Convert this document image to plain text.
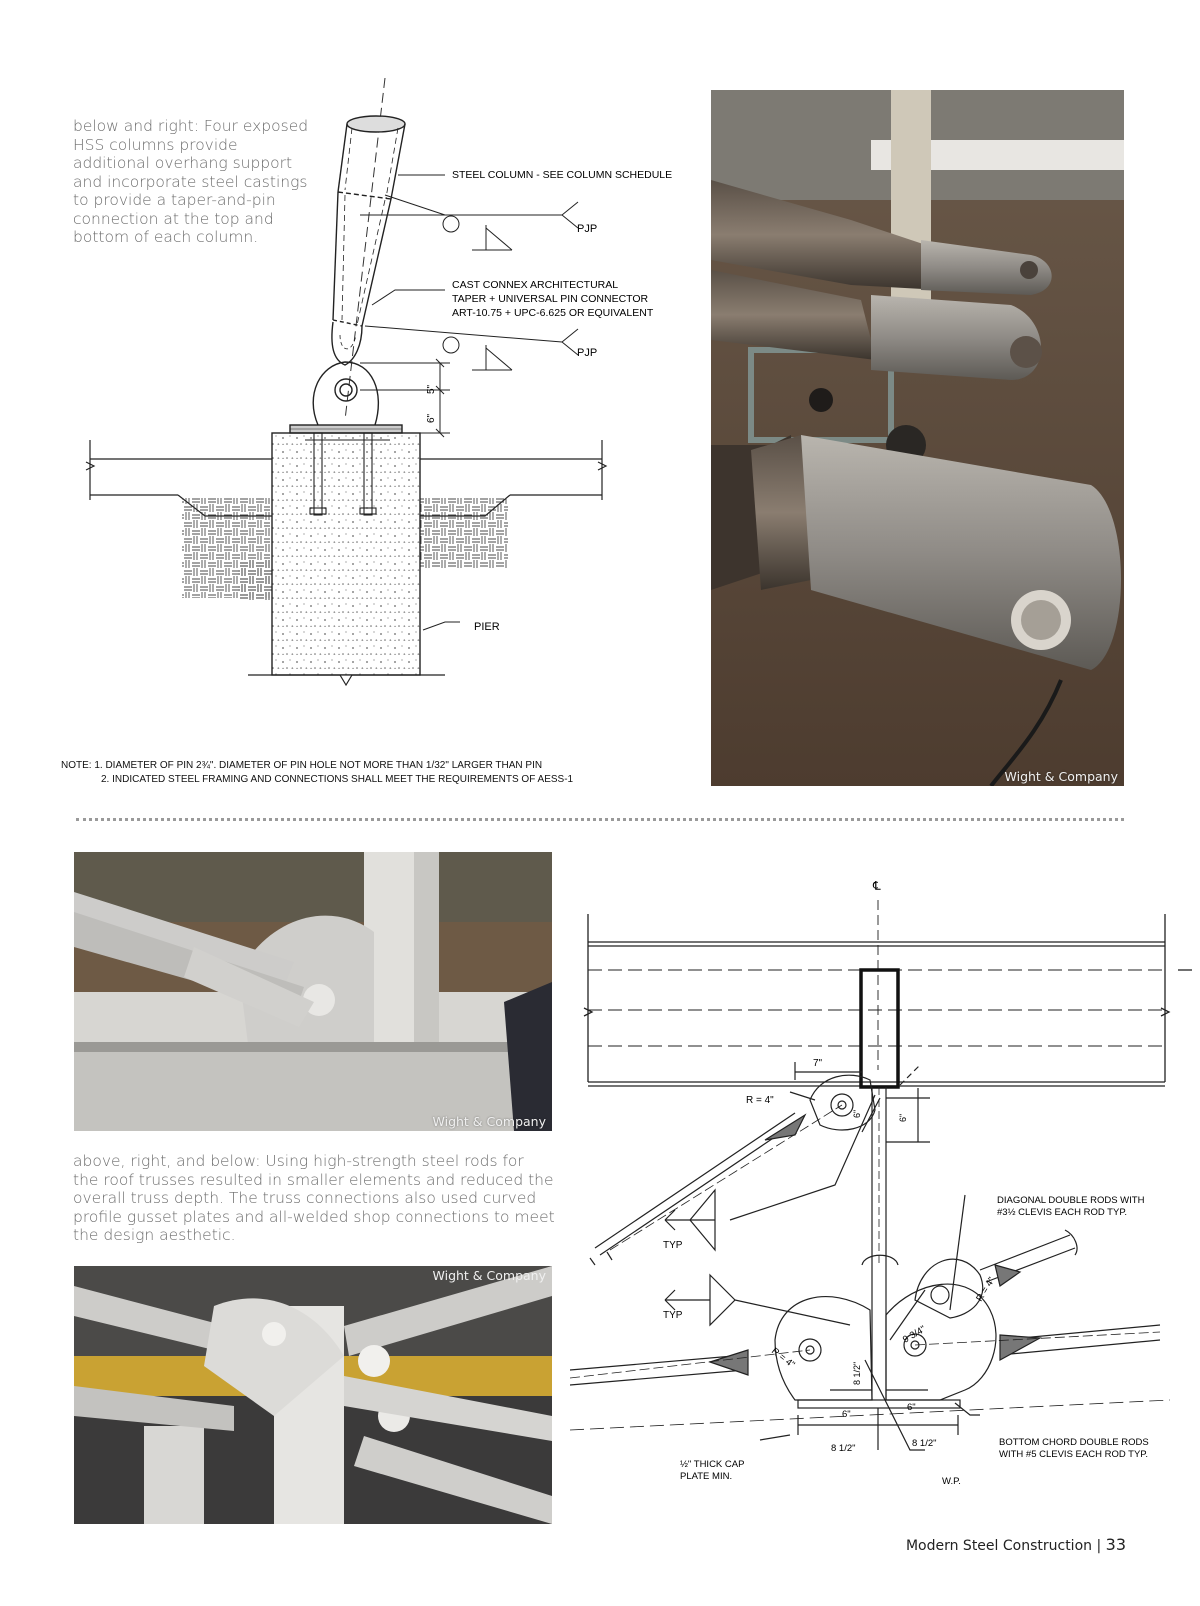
below and right: Four exposed
HSS columns provide
additional overhang support
and incorporate steel castings
to provide a taper-and-pin
connection at the top and
bottom of each column.
STEEL COLUMN - SEE COLUMN SCHEDULE
PJP
CAST CONNEX ARCHITECTURAL
TAPER + UNIVERSAL PIN CONNECTOR
ART-10.75 + UPC-6.625 OR EQUIVALENT
PJP
5"
6"
PIER
NOTE: 1. DIAMETER OF PIN 2¾". DIAMETER OF PIN HOLE NOT MORE THAN 1/32" LARGER THAN PIN
2. INDICATED STEEL FRAMING AND CONNECTIONS SHALL MEET THE REQUIREMENTS OF AESS-1	Wight & Company
Wight & Company
above, right, and below: Using high-strength steel rods for
the roof trusses resulted in smaller elements and reduced the
overall truss depth. The truss connections also used curved
profile gusset plates and all-welded shop connections to meet
the design aesthetic.
Wight & Company
℄
7"
R = 4"
6"	6"
TYP
TYP
DIAGONAL DOUBLE RODS WITH
#3½ CLEVIS EACH ROD TYP.
R = 4"
R = 4"
9 3/4"
8 1/2"
6"
6"
8 1/2"	8 1/2"	BOTTOM CHORD DOUBLE RODS
WITH #5 CLEVIS EACH ROD TYP.
½" THICK CAP
PLATE MIN.	W.P.
Modern Steel Construction | 33
